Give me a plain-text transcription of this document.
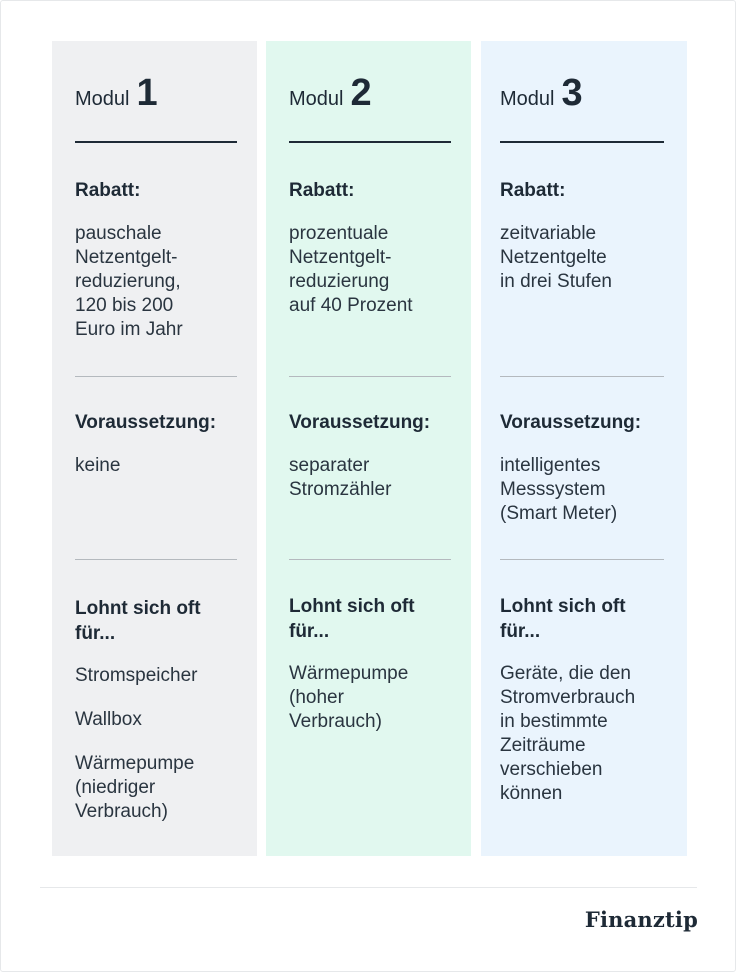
Modul 1
Rabatt:
pauschale
Netzentgelt-
reduzierung,
120 bis 200
Euro im Jahr
Voraussetzung:
keine
Lohnt sich oft
für...

Stromspeicher

Wallbox

Wärmepumpe
(niedriger
Verbrauch)

Modul 2
Rabatt:
prozentuale
Netzentgelt-
reduzierung
auf 40 Prozent
Voraussetzung:
separater
Stromzähler
Lohnt sich oft
für...

Wärmepumpe
(hoher
Verbrauch)

Modul 3
Rabatt:
zeitvariable
Netzentgelte
in drei Stufen
Voraussetzung:
intelligentes
Messsystem
(Smart Meter)
Lohnt sich oft
für...

Geräte, die den
Stromverbrauch
in bestimmte
Zeiträume
verschieben
können

Finanztip
